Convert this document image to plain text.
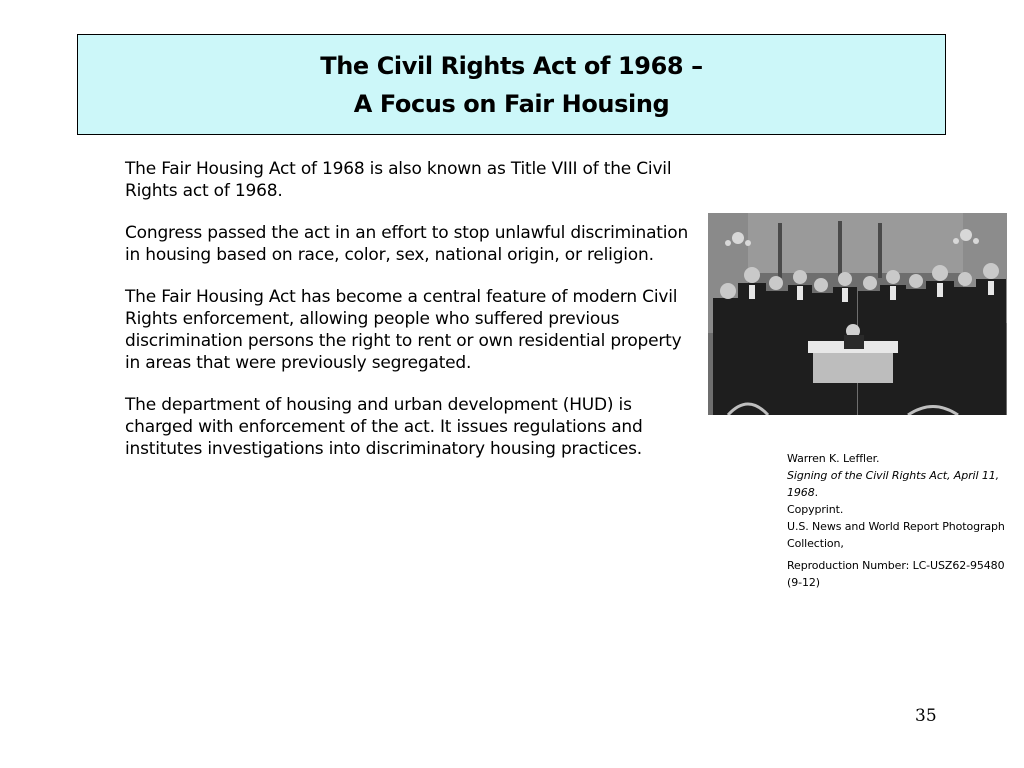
The Civil Rights Act of 1968 –
A Focus on Fair Housing

The Fair Housing Act of 1968 is also known as Title VIII of the Civil Rights act of 1968.

Congress passed the act in an effort to stop unlawful discrimination in housing based on race, color, sex, national origin, or religion.

The Fair Housing Act has become a central feature of modern Civil Rights enforcement, allowing people who suffered previous discrimination persons the right to rent or own residential property in areas that were previously segregated.

The department of housing and urban development (HUD) is charged with enforcement of the act. It issues regulations and institutes investigations into discriminatory housing practices.	Warren K. Leffler.
Signing of the Civil Rights Act, April 11, 1968.
Copyprint.
U.S. News and World Report Photograph Collection,
Reproduction Number: LC-USZ62-95480 (9-12)
35
